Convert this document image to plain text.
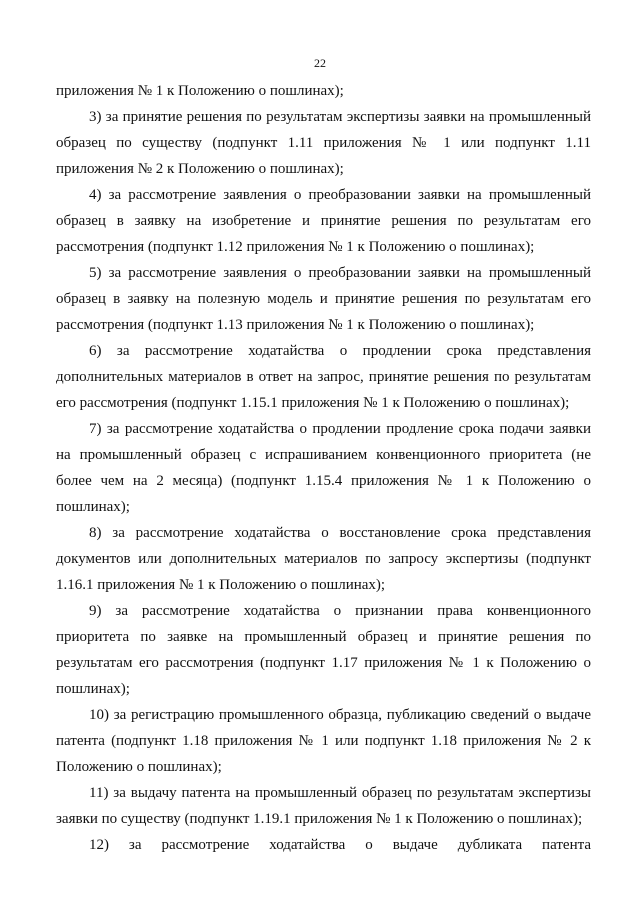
22

приложения № 1 к Положению о пошлинах);

3) за принятие решения по результатам экспертизы заявки на промышленный образец по существу (подпункт 1.11 приложения № 1 или подпункт 1.11 приложения № 2 к Положению о пошлинах);

4) за рассмотрение заявления о преобразовании заявки на промышленный образец в заявку на изобретение и принятие решения по результатам его рассмотрения (подпункт 1.12 приложения № 1 к Положению о пошлинах);

5) за рассмотрение заявления о преобразовании заявки на промышленный образец в заявку на полезную модель и принятие решения по результатам его рассмотрения (подпункт 1.13 приложения № 1 к Положению о пошлинах);

6) за рассмотрение ходатайства о продлении срока представления дополнительных материалов в ответ на запрос, принятие решения по результатам его рассмотрения (подпункт 1.15.1 приложения № 1 к Положению о пошлинах);

7) за рассмотрение ходатайства о продлении продление срока подачи заявки на промышленный образец с испрашиванием конвенционного приоритета (не более чем на 2 месяца) (подпункт 1.15.4 приложения № 1 к Положению о пошлинах);

8) за рассмотрение ходатайства о восстановление срока представления документов или дополнительных материалов по запросу экспертизы (подпункт 1.16.1 приложения № 1 к Положению о пошлинах);

9) за рассмотрение ходатайства о признании права конвенционного приоритета по заявке на промышленный образец и принятие решения по результатам его рассмотрения (подпункт 1.17 приложения № 1 к Положению о пошлинах);

10) за регистрацию промышленного образца, публикацию сведений о выдаче патента (подпункт 1.18 приложения № 1 или подпункт 1.18 приложения № 2 к Положению о пошлинах);

11) за выдачу патента на промышленный образец по результатам экспертизы заявки по существу (подпункт 1.19.1 приложения № 1 к Положению о пошлинах);

12) за рассмотрение ходатайства о выдаче дубликата патента
